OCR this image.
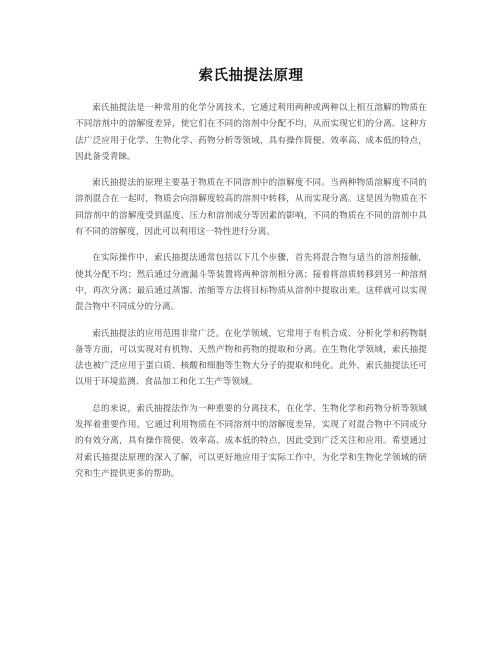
索氏抽提法原理

索氏抽提法是一种常用的化学分离技术，它通过利用两种或两种以上相互溶解的物质在不同溶剂中的溶解度差异，使它们在不同的溶剂中分配不均，从而实现它们的分离。这种方法广泛应用于化学、生物化学、药物分析等领域，具有操作简便、效率高、成本低的特点，因此备受青睐。

索氏抽提法的原理主要基于物质在不同溶剂中的溶解度不同。当两种物质溶解度不同的溶剂混合在一起时，物质会向溶解度较高的溶剂中转移，从而实现分离。这是因为物质在不同溶剂中的溶解度受到温度、压力和溶剂成分等因素的影响，不同的物质在不同的溶剂中具有不同的溶解度，因此可以利用这一特性进行分离。

在实际操作中，索氏抽提法通常包括以下几个步骤，首先将混合物与适当的溶剂接触，使其分配不均；然后通过分液漏斗等装置将两种溶剂相分离；接着将溶质转移到另一种溶剂中，再次分离；最后通过蒸馏、浓缩等方法将目标物质从溶剂中提取出来。这样就可以实现混合物中不同成分的分离。

索氏抽提法的应用范围非常广泛。在化学领域，它常用于有机合成、分析化学和药物制备等方面，可以实现对有机物、天然产物和药物的提取和分离。在生物化学领域，索氏抽提法也被广泛应用于蛋白质、核酸和细胞等生物大分子的提取和纯化。此外，索氏抽提法还可以用于环境监测、食品加工和化工生产等领域。

总的来说，索氏抽提法作为一种重要的分离技术，在化学、生物化学和药物分析等领域发挥着重要作用。它通过利用物质在不同溶剂中的溶解度差异，实现了对混合物中不同成分的有效分离，具有操作简便、效率高、成本低的特点，因此受到广泛关注和应用。希望通过对索氏抽提法原理的深入了解，可以更好地应用于实际工作中，为化学和生物化学领域的研究和生产提供更多的帮助。
